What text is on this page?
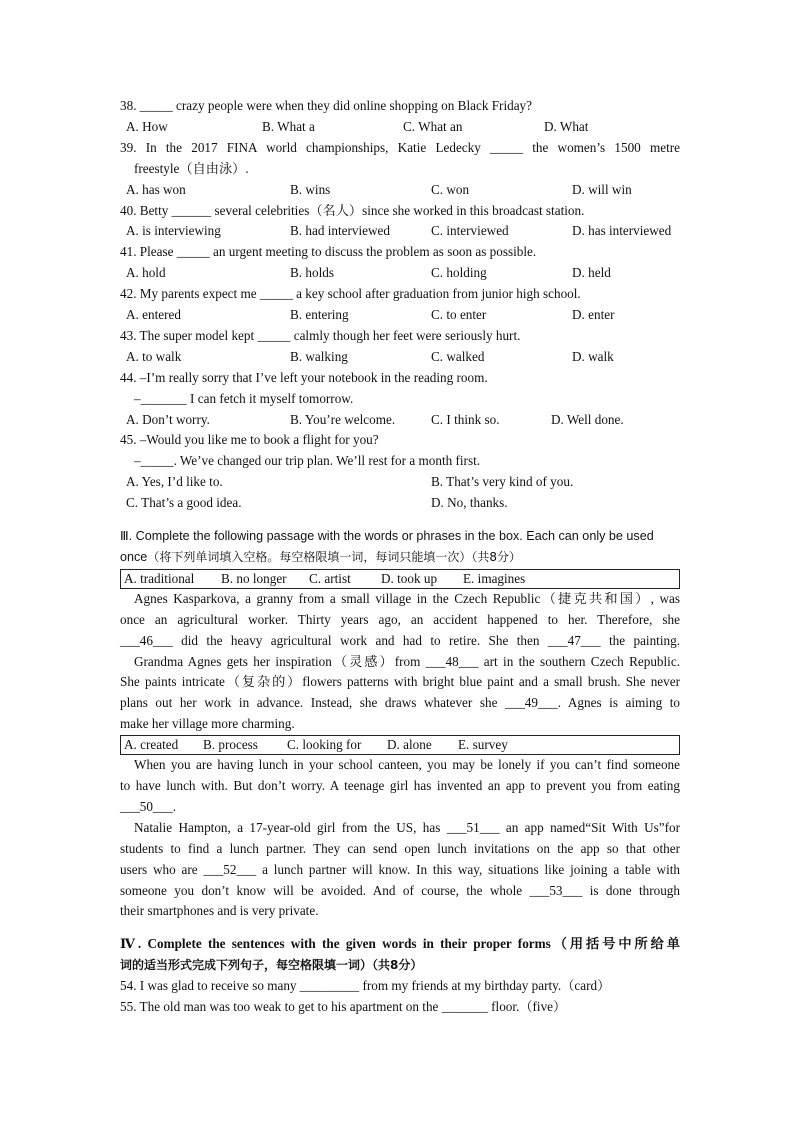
38. _____ crazy people were when they did online shopping on Black Friday?
A. How	B. What a	C. What an	D. What
39. In the 2017 FINA world championships, Katie Ledecky _____ the women’s 1500 metre
freestyle（自由泳）.
A. has won	B. wins	C. won	D. will win
40. Betty ______ several celebrities（名人）since she worked in this broadcast station.
A. is interviewing	B. had interviewed	C. interviewed	D. has interviewed
41. Please _____ an urgent meeting to discuss the problem as soon as possible.
A. hold	B. holds	C. holding	D. held
42. My parents expect me _____ a key school after graduation from junior high school.
A. entered	B. entering	C. to enter	D. enter
43. The super model kept _____ calmly though her feet were seriously hurt.
A. to walk	B. walking	C. walked	D. walk
44. –I’m really sorry that I’ve left your notebook in the reading room.
–_______ I can fetch it myself tomorrow.
A. Don’t worry.	B. You’re welcome.	C. I think so.	D. Well done.
45. –Would you like me to book a flight for you?
–_____. We’ve changed our trip plan. We’ll rest for a month first.
A. Yes, I’d like to.	B. That’s very kind of you.
C. That’s a good idea.	D. No, thanks.
Ⅲ. Complete the following passage with the words or phrases in the box. Each can only be used
once（将下列单词填入空格。每空格限填一词，每词只能填一次）（共8分）
A. traditional B. no longer C. artist D. took up E. imagines
Agnes Kasparkova, a granny from a small village in the Czech Republic（捷克共和国）, was
once an agricultural worker. Thirty years ago, an accident happened to her. Therefore, she
___46___ did the heavy agricultural work and had to retire. She then ___47___ the painting.
Grandma Agnes gets her inspiration（灵感）from ___48___ art in the southern Czech Republic.
She paints intricate（复杂的）flowers patterns with bright blue paint and a small brush. She never
plans out her work in advance. Instead, she draws whatever she ___49___. Agnes is aiming to
make her village more charming.
A. created B. process C. looking for D. alone E. survey
When you are having lunch in your school canteen, you may be lonely if you can’t find someone
to have lunch with. But don’t worry. A teenage girl has invented an app to prevent you from eating
___50___.
Natalie Hampton, a 17-year-old girl from the US, has ___51___ an app named“Sit With Us”for
students to find a lunch partner. They can send open lunch invitations on the app so that other
users who are ___52___ a lunch partner will know. In this way, situations like joining a table with
someone you don’t know will be avoided. And of course, the whole ___53___ is done through
their smartphones and is very private.
Ⅳ. Complete the sentences with the given words in their proper forms（用括号中所给单
词的适当形式完成下列句子，每空格限填一词）（共8分）
54. I was glad to receive so many _________ from my friends at my birthday party.（card）
55. The old man was too weak to get to his apartment on the _______ floor.（five）
